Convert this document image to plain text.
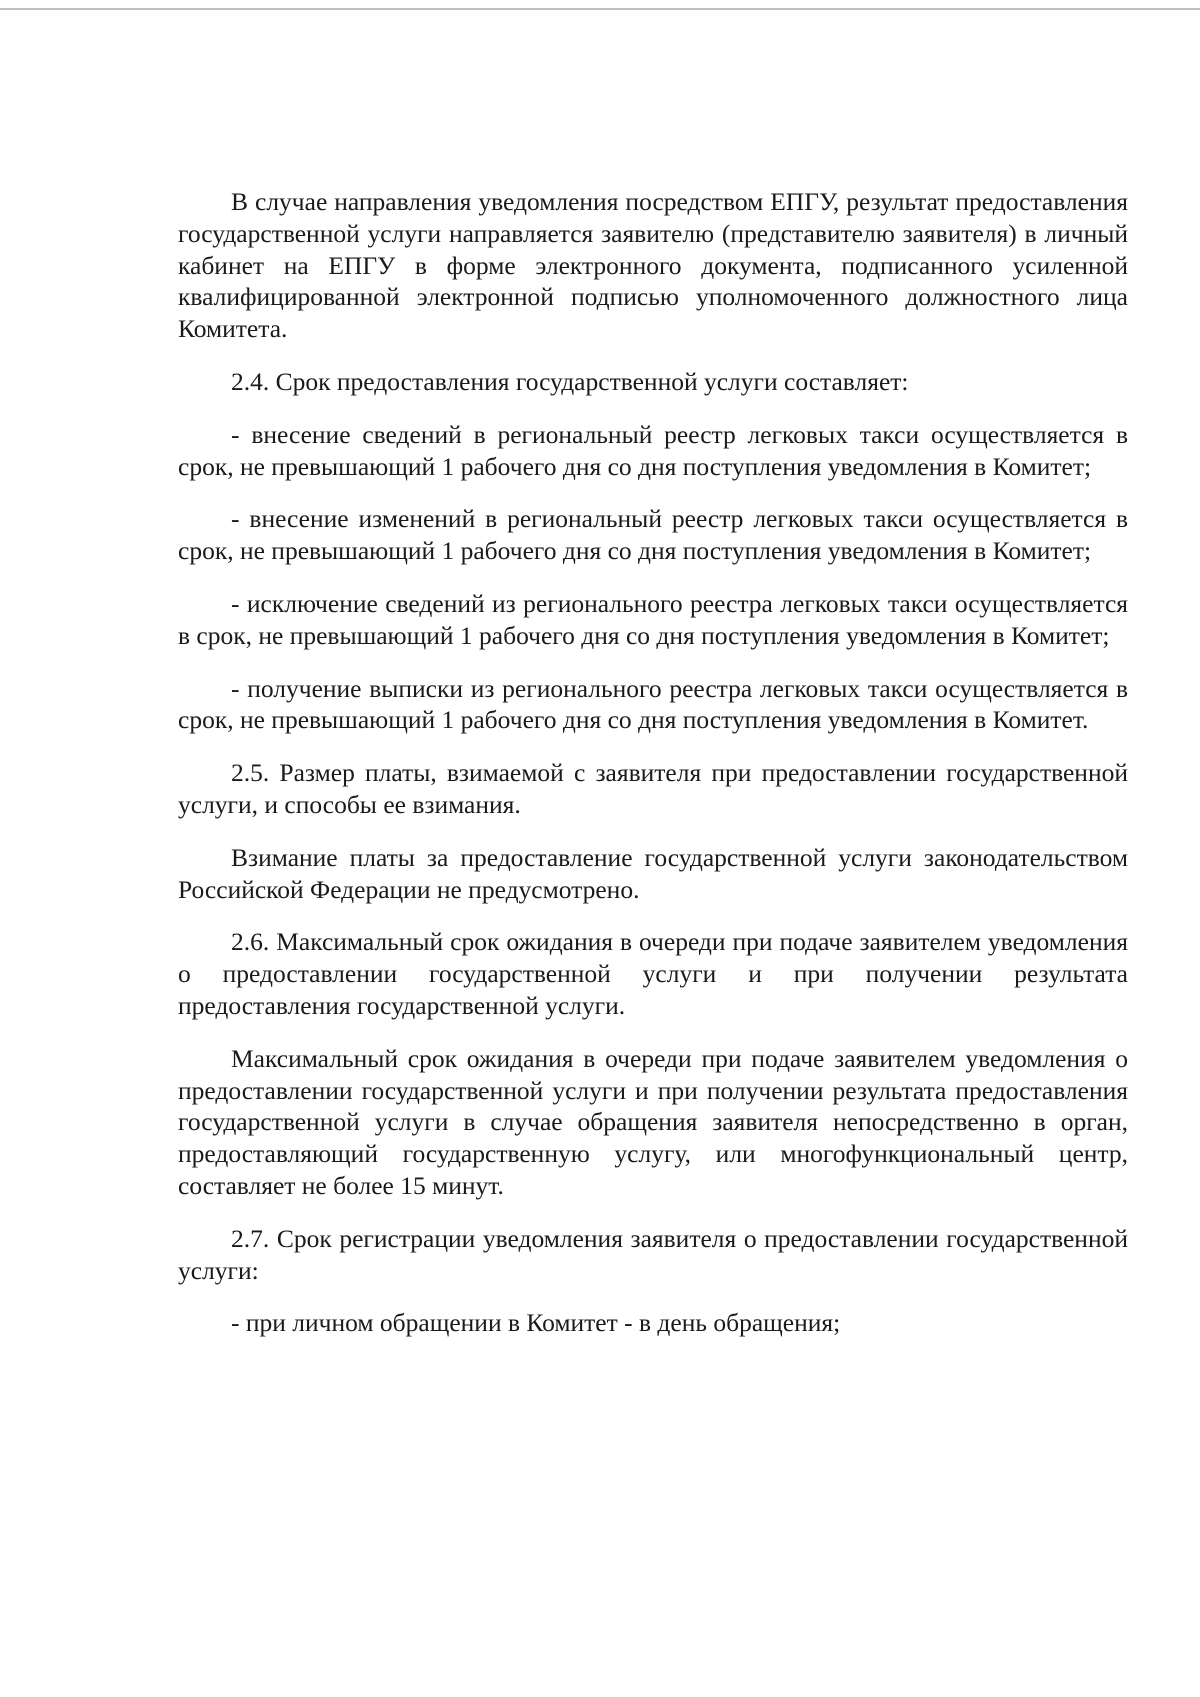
В случае направления уведомления посредством ЕПГУ, результат предоставления государственной услуги направляется заявителю (представителю заявителя) в личный кабинет на ЕПГУ в форме электронного документа, подписанного усиленной квалифицированной электронной подписью уполномоченного должностного лица Комитета.

2.4. Срок предоставления государственной услуги составляет:

- внесение сведений в региональный реестр легковых такси осуществляется в срок, не превышающий 1 рабочего дня со дня поступления уведомления в Комитет;

- внесение изменений в региональный реестр легковых такси осуществляется в срок, не превышающий 1 рабочего дня со дня поступления уведомления в Комитет;

- исключение сведений из регионального реестра легковых такси осуществляется в срок, не превышающий 1 рабочего дня со дня поступления уведомления в Комитет;

- получение выписки из регионального реестра легковых такси осуществляется в срок, не превышающий 1 рабочего дня со дня поступления уведомления в Комитет.

2.5. Размер платы, взимаемой с заявителя при предоставлении государственной услуги, и способы ее взимания.

Взимание платы за предоставление государственной услуги законодательством Российской Федерации не предусмотрено.

2.6. Максимальный срок ожидания в очереди при подаче заявителем уведомления о предоставлении государственной услуги и при получении результата предоставления государственной услуги.

Максимальный срок ожидания в очереди при подаче заявителем уведомления о предоставлении государственной услуги и при получении результата предоставления государственной услуги в случае обращения заявителя непосредственно в орган, предоставляющий государственную услугу, или многофункциональный центр, составляет не более 15 минут.

2.7. Срок регистрации уведомления заявителя о предоставлении государственной услуги:

- при личном обращении в Комитет - в день обращения;
